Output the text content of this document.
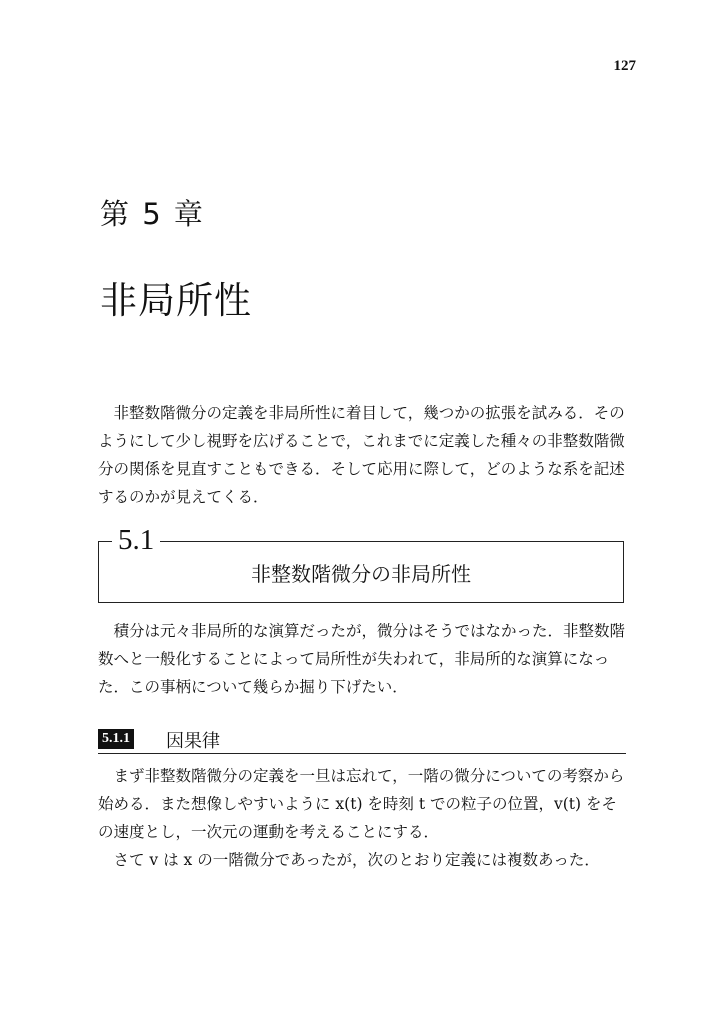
127
第 5 章
非局所性

非整数階微分の定義を非局所性に着目して，幾つかの拡張を試みる．そのようにして少し視野を広げることで，これまでに定義した種々の非整数階微分の関係を見直すこともできる．そして応用に際して，どのような系を記述するのかが見えてくる．

5.1
非整数階微分の非局所性

積分は元々非局所的な演算だったが，微分はそうではなかった．非整数階数へと一般化することによって局所性が失われて，非局所的な演算になった．この事柄について幾らか掘り下げたい．

5.1.1 因果律

まず非整数階微分の定義を一旦は忘れて，一階の微分についての考察から始める．また想像しやすいように x(t) を時刻 t での粒子の位置，v(t) をその速度とし，一次元の運動を考えることにする．

さて v は x の一階微分であったが，次のとおり定義には複数あった．
